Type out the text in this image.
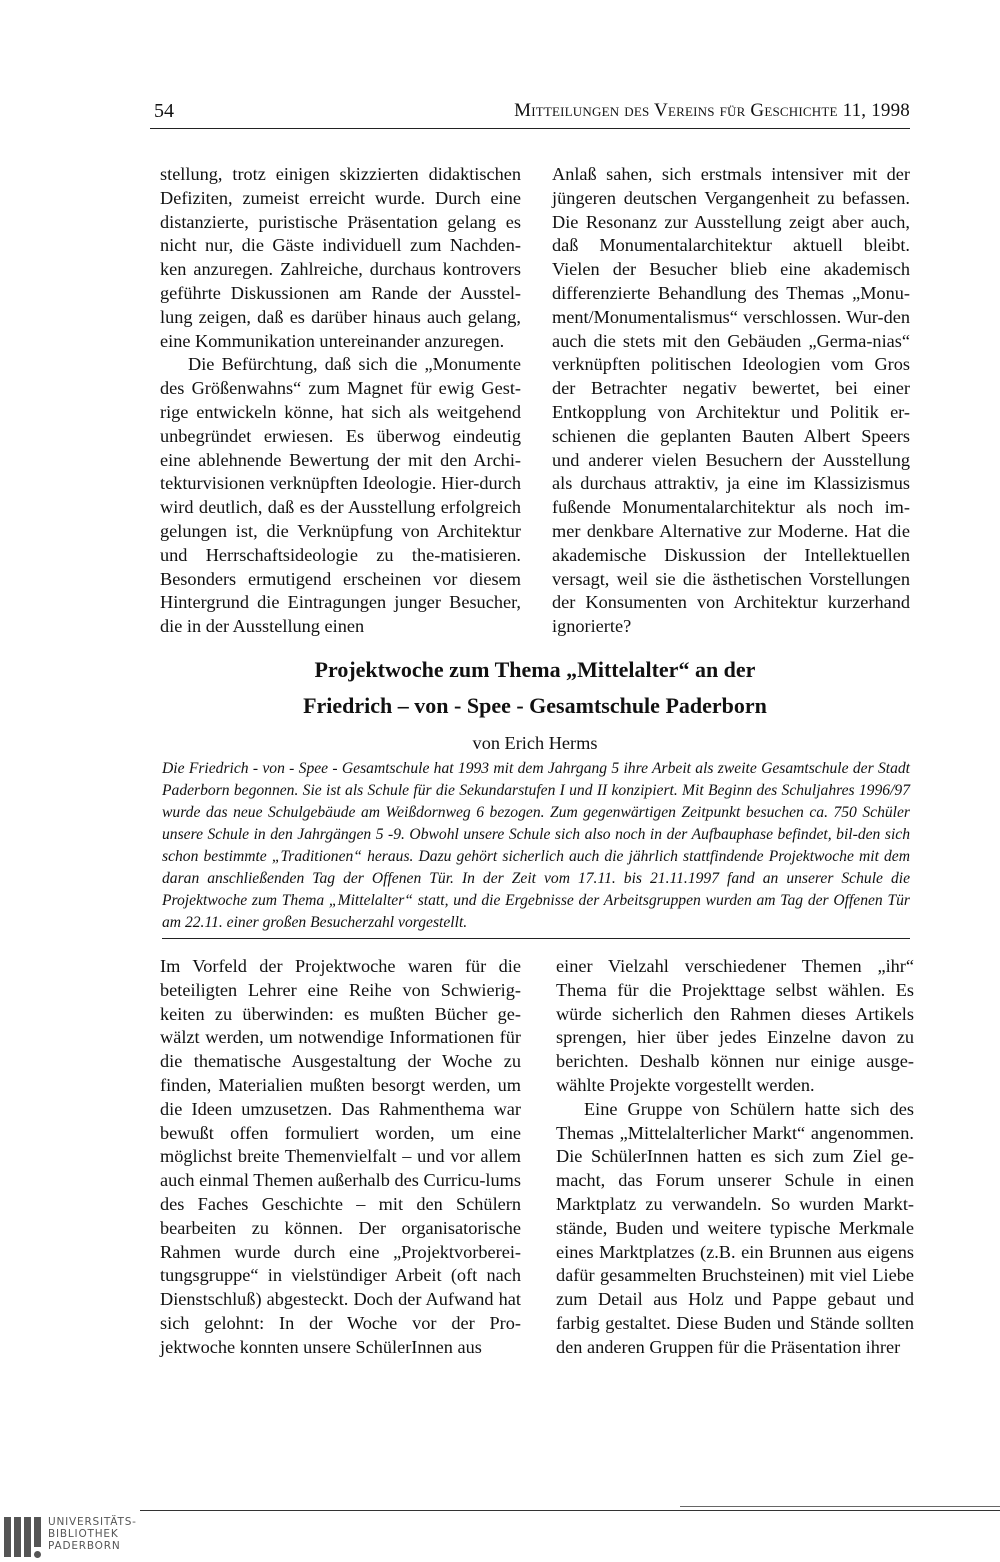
54	Mitteilungen des Vereins für Geschichte 11, 1998

stellung, trotz einigen skizzierten didaktischen Defiziten, zumeist erreicht wurde. Durch eine distanzierte, puristische Präsentation gelang es nicht nur, die Gäste individuell zum Nachden-ken anzuregen. Zahlreiche, durchaus kontrovers geführte Diskussionen am Rande der Ausstel-lung zeigen, daß es darüber hinaus auch gelang, eine Kommunikation untereinander anzuregen.

Die Befürchtung, daß sich die „Monumente des Größenwahns“ zum Magnet für ewig Gest-rige entwickeln könne, hat sich als weitgehend unbegründet erwiesen. Es überwog eindeutig eine ablehnende Bewertung der mit den Archi-tekturvisionen verknüpften Ideologie. Hier-durch wird deutlich, daß es der Ausstellung erfolgreich gelungen ist, die Verknüpfung von Architektur und Herrschaftsideologie zu the-matisieren. Besonders ermutigend erscheinen vor diesem Hintergrund die Eintragungen junger Besucher, die in der Ausstellung einen

Anlaß sahen, sich erstmals intensiver mit der jüngeren deutschen Vergangenheit zu befassen. Die Resonanz zur Ausstellung zeigt aber auch, daß Monumentalarchitektur aktuell bleibt. Vielen der Besucher blieb eine akademisch differenzierte Behandlung des Themas „Monu-ment/Monumentalismus“ verschlossen. Wur-den auch die stets mit den Gebäuden „Germa-nias“ verknüpften politischen Ideologien vom Gros der Betrachter negativ bewertet, bei einer Entkopplung von Architektur und Politik er-schienen die geplanten Bauten Albert Speers und anderer vielen Besuchern der Ausstellung als durchaus attraktiv, ja eine im Klassizismus fußende Monumentalarchitektur als noch im-mer denkbare Alternative zur Moderne. Hat die akademische Diskussion der Intellektuellen versagt, weil sie die ästhetischen Vorstellungen der Konsumenten von Architektur kurzerhand ignorierte?

Projektwoche zum Thema „Mittelalter“ an der
Friedrich – von - Spee - Gesamtschule Paderborn
von Erich Herms
Die Friedrich - von - Spee - Gesamtschule hat 1993 mit dem Jahrgang 5 ihre Arbeit als zweite Gesamtschule der Stadt Paderborn begonnen. Sie ist als Schule für die Sekundarstufen I und II konzipiert. Mit Beginn des Schuljahres 1996/97 wurde das neue Schulgebäude am Weißdornweg 6 bezogen. Zum gegenwärtigen Zeitpunkt besuchen ca. 750 Schüler unsere Schule in den Jahrgängen 5 -9. Obwohl unsere Schule sich also noch in der Aufbauphase befindet, bil-den sich schon bestimmte „Traditionen“ heraus. Dazu gehört sicherlich auch die jährlich stattfindende Projektwoche mit dem daran anschließenden Tag der Offenen Tür. In der Zeit vom 17.11. bis 21.11.1997 fand an unserer Schule die Projektwoche zum Thema „Mittelalter“ statt, und die Ergebnisse der Arbeitsgruppen wurden am Tag der Offenen Tür am 22.11. einer großen Besucherzahl vorgestellt.

Im Vorfeld der Projektwoche waren für die beteiligten Lehrer eine Reihe von Schwierig-keiten zu überwinden: es mußten Bücher ge-wälzt werden, um notwendige Informationen für die thematische Ausgestaltung der Woche zu finden, Materialien mußten besorgt werden, um die Ideen umzusetzen. Das Rahmenthema war bewußt offen formuliert worden, um eine möglichst breite Themenvielfalt – und vor allem auch einmal Themen außerhalb des Curricu-lums des Faches Geschichte – mit den Schülern bearbeiten zu können. Der organisatorische Rahmen wurde durch eine „Projektvorberei-tungsgruppe“ in vielstündiger Arbeit (oft nach Dienstschluß) abgesteckt. Doch der Aufwand hat sich gelohnt: In der Woche vor der Pro-jektwoche konnten unsere SchülerInnen aus

einer Vielzahl verschiedener Themen „ihr“ Thema für die Projekttage selbst wählen. Es würde sicherlich den Rahmen dieses Artikels sprengen, hier über jedes Einzelne davon zu berichten. Deshalb können nur einige ausge-wählte Projekte vorgestellt werden.

Eine Gruppe von Schülern hatte sich des Themas „Mittelalterlicher Markt“ angenommen. Die SchülerInnen hatten es sich zum Ziel ge-macht, das Forum unserer Schule in einen Marktplatz zu verwandeln. So wurden Markt-stände, Buden und weitere typische Merkmale eines Marktplatzes (z.B. ein Brunnen aus eigens dafür gesammelten Bruchsteinen) mit viel Liebe zum Detail aus Holz und Pappe gebaut und farbig gestaltet. Diese Buden und Stände sollten den anderen Gruppen für die Präsentation ihrer

UNIVERSITÄTS-
BIBLIOTHEK
PADERBORN
